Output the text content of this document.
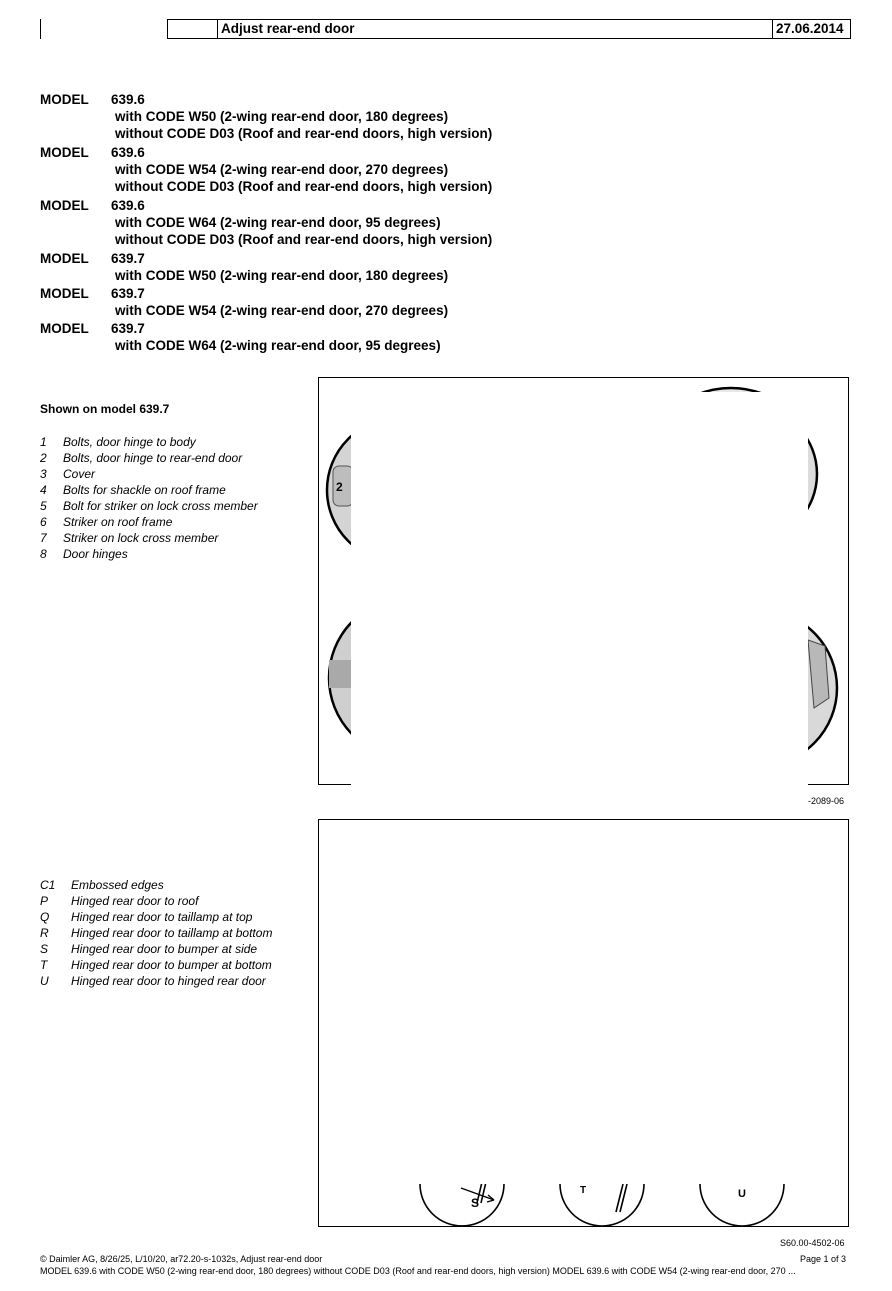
Adjust rear-end door	27.06.2014
MODEL 639.6
with CODE W50 (2-wing rear-end door, 180 degrees)
without CODE D03 (Roof and rear-end doors, high version)
MODEL 639.6
with CODE W54 (2-wing rear-end door, 270 degrees)
without CODE D03 (Roof and rear-end doors, high version)
MODEL 639.6
with CODE W64 (2-wing rear-end door, 95 degrees)
without CODE D03 (Roof and rear-end doors, high version)
MODEL 639.7
with CODE W50 (2-wing rear-end door, 180 degrees)
MODEL 639.7
with CODE W54 (2-wing rear-end door, 270 degrees)
MODEL 639.7
with CODE W64 (2-wing rear-end door, 95 degrees)
Shown on model 639.7
1 Bolts, door hinge to body
2 Bolts, door hinge to rear-end door
3 Cover
4 Bolts for shackle on roof frame
5 Bolt for striker on lock cross member
6 Striker on roof frame
7 Striker on lock cross member
8 Door hinges
2
-2089-06
C1 Embossed edges
P Hinged rear door to roof
Q Hinged rear door to taillamp at top
R Hinged rear door to taillamp at bottom
S Hinged rear door to bumper at side
T Hinged rear door to bumper at bottom
U Hinged rear door to hinged rear door
S
T	U
S60.00-4502-06
© Daimler AG, 8/26/25, L/10/20, ar72.20-s-1032s, Adjust rear-end door	Page 1 of 3
MODEL 639.6 with CODE W50 (2-wing rear-end door, 180 degrees) without CODE D03 (Roof and rear-end doors, high version) MODEL 639.6 with CODE W54 (2-wing rear-end door, 270 ...
